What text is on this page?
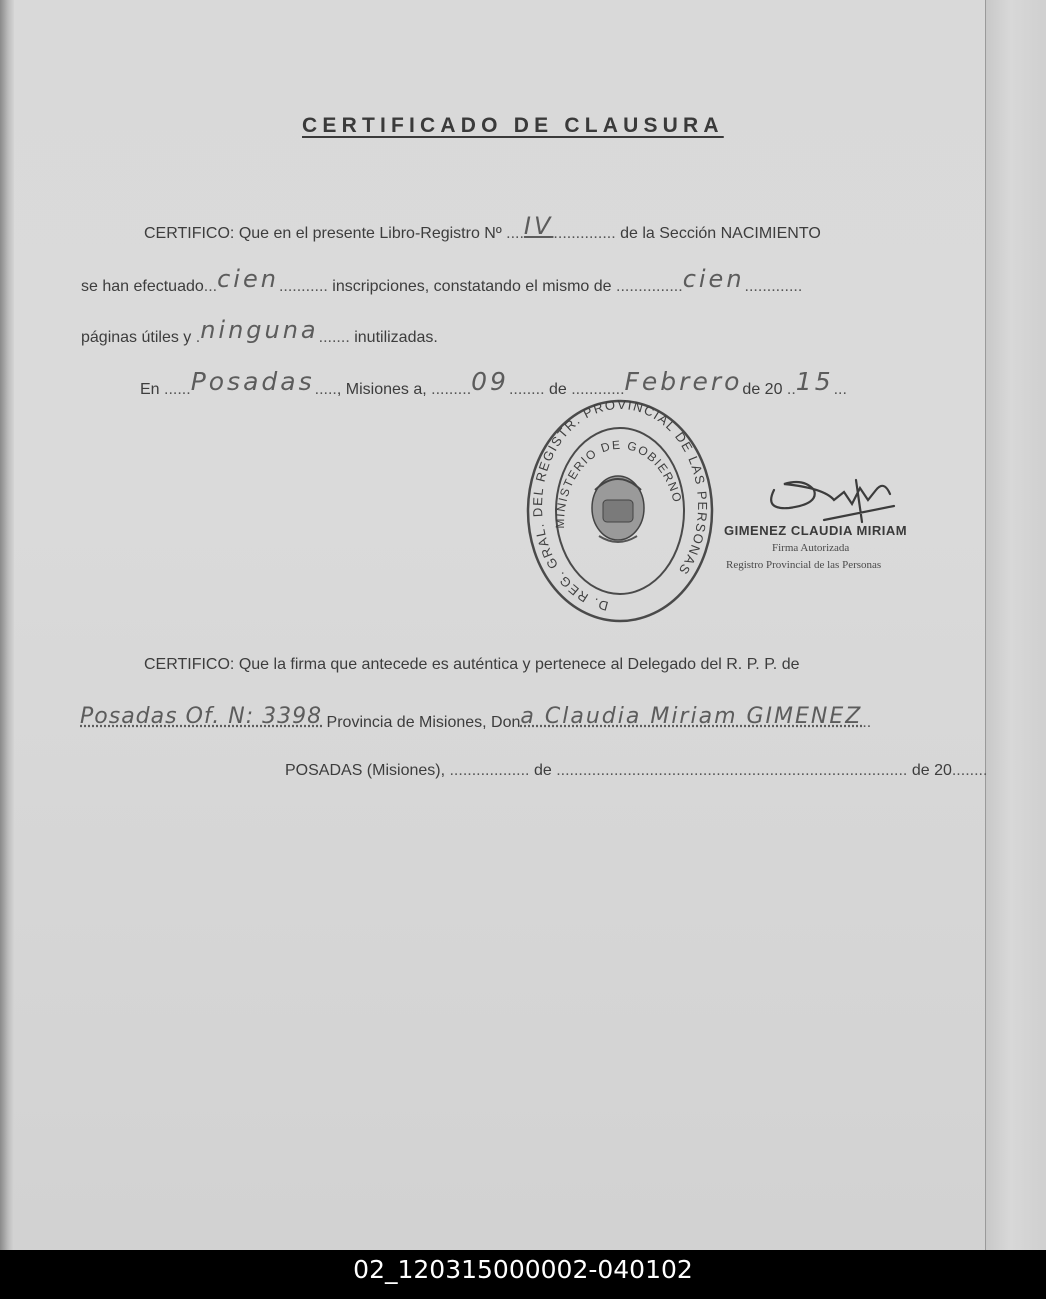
CERTIFICADO DE CLAUSURA
CERTIFICO: Que en el presente Libro-Registro Nº ....IV.............. de la Sección NACIMIENTO
se han efectuado...cien........... inscripciones, constatando el mismo de ...............cien.............
páginas útiles y .ninguna....... inutilizadas.
En ......Posadas....., Misiones a, .........09........ de ............Febrerode 20 ..15...
D. REG. GRAL. DEL REGISTR. PROVINCIAL DE LAS PERSONAS
MINISTERIO DE GOBIERNO
GIMENEZ CLAUDIA MIRIAM
Firma Autorizada
Registro Provincial de las Personas
CERTIFICO: Que la firma que antecede es auténtica y pertenece al Delegado del R. P. P. de
Posadas Of. N: 3398 Provincia de Misiones, Dona Claudia Miriam GIMENEZ..
POSADAS (Misiones), .................. de ............................................................................... de 20........
02_120315000002-040102
